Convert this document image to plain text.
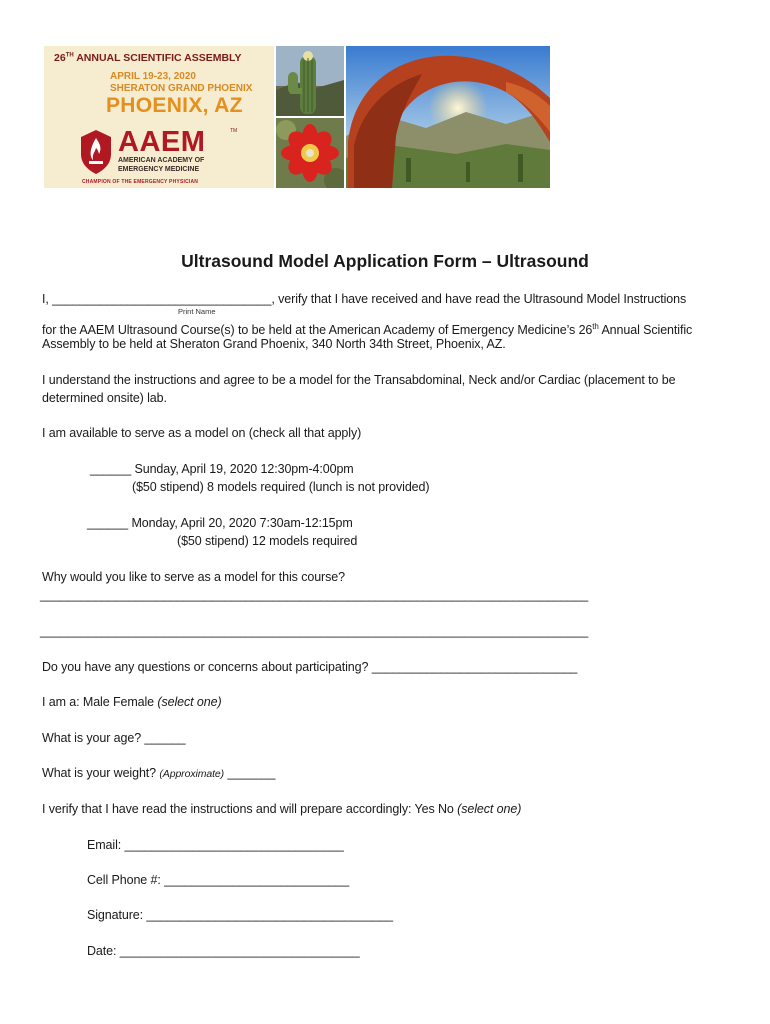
26TH ANNUAL SCIENTIFIC ASSEMBLY
APRIL 19-23, 2020
SHERATON GRAND PHOENIX
PHOENIX, AZ
AAEM	TM
AMERICAN ACADEMY OF
EMERGENCY MEDICINE
CHAMPION OF THE EMERGENCY PHYSICIAN
Ultrasound Model Application Form – Ultrasound
I, ________________________________, verify that I have received and have read the Ultrasound Model Instructions
Print Name
for the AAEM Ultrasound Course(s) to be held at the American Academy of Emergency Medicine’s 26th Annual Scientific
Assembly to be held at Sheraton Grand Phoenix, 340 North 34th Street, Phoenix, AZ.
I understand the instructions and agree to be a model for the Transabdominal, Neck and/or Cardiac (placement to be
determined onsite) lab.
I am available to serve as a model on (check all that apply)
______ Sunday, April 19, 2020 12:30pm-4:00pm
($50 stipend) 8 models required (lunch is not provided)
______ Monday, April 20, 2020 7:30am-12:15pm
($50 stipend) 12 models required
Why would you like to serve as a model for this course?
________________________________________________________________________________
________________________________________________________________________________
Do you have any questions or concerns about participating? ______________________________
I am a: Male Female (select one)
What is your age? ______
What is your weight? (Approximate) _______
I verify that I have read the instructions and will prepare accordingly: Yes No (select one)
Email: ________________________________
Cell Phone #: ___________________________
Signature: ____________________________________
Date: ___________________________________
